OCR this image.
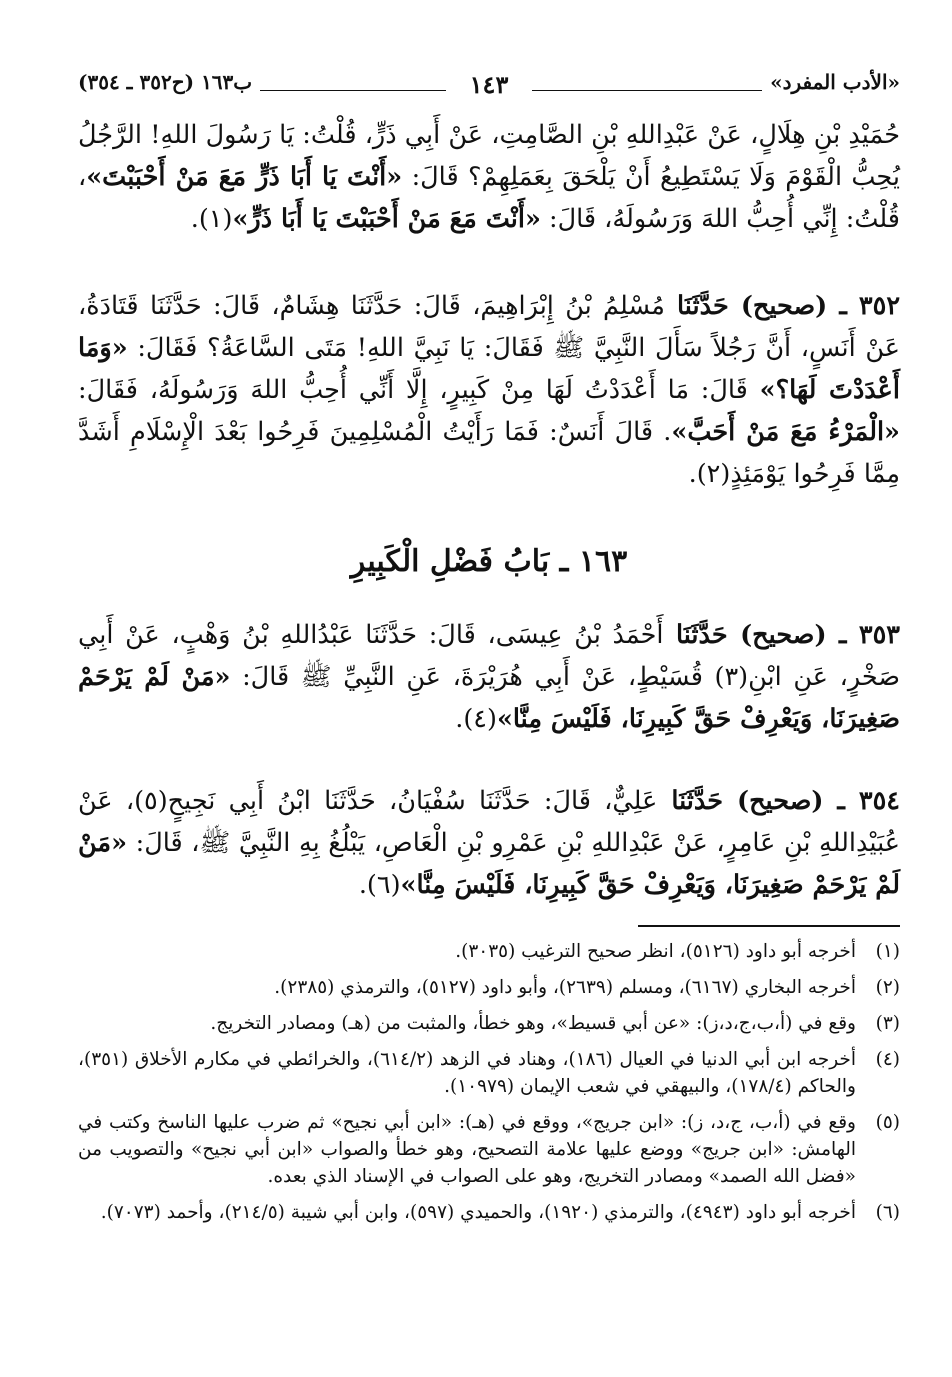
«الأدب المفرد»
١٤٣
ب١٦٣ (ح٣٥٢ ـ ٣٥٤)

حُمَيْدِ بْنِ هِلَالٍ، عَنْ عَبْدِاللهِ بْنِ الصَّامِتِ، عَنْ أَبِي ذَرٍّ، قُلْتُ: يَا رَسُولَ اللهِ! الرَّجُلُ يُحِبُّ الْقَوْمَ وَلَا يَسْتَطِيعُ أَنْ يَلْحَقَ بِعَمَلِهِمْ؟ قَالَ: «أَنْتَ يَا أَبَا ذَرٍّ مَعَ مَنْ أَحْبَبْتَ»، قُلْتُ: إِنِّي أُحِبُّ اللهَ وَرَسُولَهُ، قَالَ: «أَنْتَ مَعَ مَنْ أَحْبَبْتَ يَا أَبَا ذَرٍّ»(١).

٣٥٢ ـ (صحيح) حَدَّثَنَا مُسْلِمُ بْنُ إِبْرَاهِيمَ، قَالَ: حَدَّثَنَا هِشَامٌ، قَالَ: حَدَّثَنَا قَتَادَةُ، عَنْ أَنَسٍ، أَنَّ رَجُلاً سَأَلَ النَّبِيَّ ﷺ فَقَالَ: يَا نَبِيَّ اللهِ! مَتَى السَّاعَةُ؟ فَقَالَ: «وَمَا أَعْدَدْتَ لَهَا؟» قَالَ: مَا أَعْدَدْتُ لَهَا مِنْ كَبِيرٍ، إِلَّا أَنِّي أُحِبُّ اللهَ وَرَسُولَهُ، فَقَالَ: «الْمَرْءُ مَعَ مَنْ أَحَبَّ». قَالَ أَنَسٌ: فَمَا رَأَيْتُ الْمُسْلِمِينَ فَرِحُوا بَعْدَ الْإِسْلَامِ أَشَدَّ مِمَّا فَرِحُوا يَوْمَئِذٍ(٢).

١٦٣ ـ بَابُ فَضْلِ الْكَبِيرِ

٣٥٣ ـ (صحيح) حَدَّثَنَا أَحْمَدُ بْنُ عِيسَى، قَالَ: حَدَّثَنَا عَبْدُاللهِ بْنُ وَهْبٍ، عَنْ أَبِي صَخْرٍ، عَنِ ابْنِ(٣) قُسَيْطٍ، عَنْ أَبِي هُرَيْرَةَ، عَنِ النَّبِيِّ ﷺ قَالَ: «مَنْ لَمْ يَرْحَمْ صَغِيرَنَا، وَيَعْرِفْ حَقَّ كَبِيرِنَا، فَلَيْسَ مِنَّا»(٤).

٣٥٤ ـ (صحيح) حَدَّثَنَا عَلِيٌّ، قَالَ: حَدَّثَنَا سُفْيَانُ، حَدَّثَنَا ابْنُ أَبِي نَجِيحٍ(٥)، عَنْ عُبَيْدِاللهِ بْنِ عَامِرٍ، عَنْ عَبْدِاللهِ بْنِ عَمْرِو بْنِ الْعَاصِ، يَبْلُغُ بِهِ النَّبِيَّ ﷺ، قَالَ: «مَنْ لَمْ يَرْحَمْ صَغِيرَنَا، وَيَعْرِفْ حَقَّ كَبِيرِنَا، فَلَيْسَ مِنَّا»(٦).

(١)
أخرجه أبو داود (٥١٢٦)، انظر صحيح الترغيب (٣٠٣٥).
(٢)
أخرجه البخاري (٦١٦٧)، ومسلم (٢٦٣٩)، وأبو داود (٥١٢٧)، والترمذي (٢٣٨٥).
(٣)
وقع في (أ،ب،ج،د،ز): «عن أبي قسيط»، وهو خطأ، والمثبت من (هـ) ومصادر التخريج.
(٤)
أخرجه ابن أبي الدنيا في العيال (١٨٦)، وهناد في الزهد (٦١٤/٢)، والخرائطي في مكارم الأخلاق (٣٥١)، والحاكم (١٧٨/٤)، والبيهقي في شعب الإيمان (١٠٩٧٩).
(٥)
وقع في (أ،ب، ج،د، ز): «ابن جريج»، ووقع في (هـ): «ابن أبي نجيح» ثم ضرب عليها الناسخ وكتب في الهامش: «ابن جريج» ووضع عليها علامة التصحيح، وهو خطأ والصواب «ابن أبي نجيح» والتصويب من «فضل الله الصمد» ومصادر التخريج، وهو على الصواب في الإسناد الذي بعده.
(٦)
أخرجه أبو داود (٤٩٤٣)، والترمذي (١٩٢٠)، والحميدي (٥٩٧)، وابن أبي شيبة (٢١٤/٥)، وأحمد (٧٠٧٣).
